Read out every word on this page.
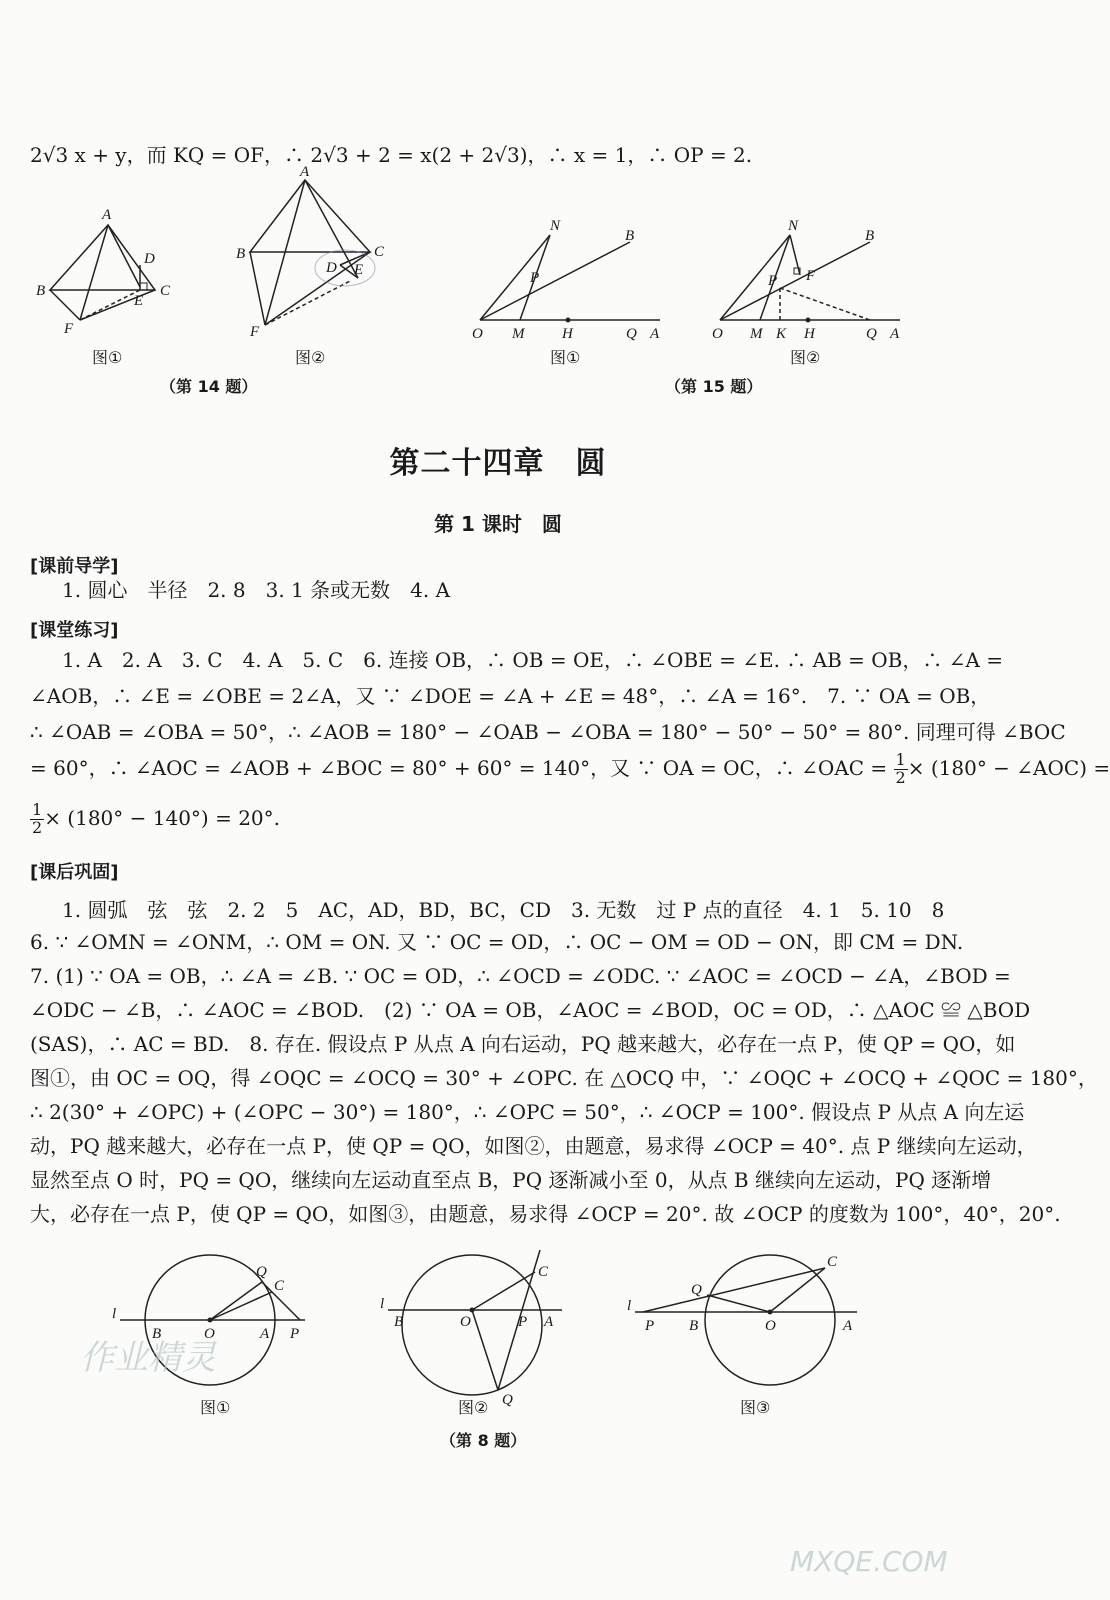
2√3 x + y，而 KQ = OF，∴ 2√3 + 2 = x(2 + 2√3)，∴ x = 1，∴ OP = 2.
A
B	C
D
E
F
图①
A
B	C
D E
F
图②
（第 14 题）
N
B
P
O M	H	Q A
图①
N
B
P F
O M K H	Q A
图②
（第 15 题）
第二十四章　圆
第 1 课时　圆
[课前导学]
1. 圆心　半径　2. 8　3. 1 条或无数　4. A
[课堂练习]
1. A　2. A　3. C　4. A　5. C　6. 连接 OB，∴ OB = OE，∴ ∠OBE = ∠E. ∴ AB = OB，∴ ∠A =
∠AOB，∴ ∠E = ∠OBE = 2∠A，又 ∵ ∠DOE = ∠A + ∠E = 48°，∴ ∠A = 16°.　7. ∵ OA = OB，
∴ ∠OAB = ∠OBA = 50°，∴ ∠AOB = 180° − ∠OAB − ∠OBA = 180° − 50° − 50° = 80°. 同理可得 ∠BOC
= 60°，∴ ∠AOC = ∠AOB + ∠BOC = 80° + 60° = 140°，又 ∵ OA = OC，∴ ∠OAC = $\frac{1}{2} \times (180^\circ$ − ∠AOC) =
$\frac{1}{2} \times (180^\circ - 140^\circ) = 20^\circ$.
[课后巩固]
1. 圆弧　弦　弦　2. 2　5　AC，AD，BD，BC，CD　3. 无数　过 P 点的直径　4. 1　5. 10　8
6. ∵ ∠OMN = ∠ONM，∴ OM = ON. 又 ∵ OC = OD，∴ OC − OM = OD − ON，即 CM = DN.
7. (1) ∵ OA = OB，∴ ∠A = ∠B. ∵ OC = OD，∴ ∠OCD = ∠ODC. ∵ ∠AOC = ∠OCD − ∠A，∠BOD =
∠ODC − ∠B，∴ ∠AOC = ∠BOD.　(2) ∵ OA = OB，∠AOC = ∠BOD，OC = OD，∴ △AOC ≌ △BOD
(SAS)，∴ AC = BD.　8. 存在. 假设点 P 从点 A 向右运动，PQ 越来越大，必存在一点 P，使 QP = QO，如
图①，由 OC = OQ，得 ∠OQC = ∠OCQ = 30° + ∠OPC. 在 △OCQ 中，∵ ∠OQC + ∠OCQ + ∠QOC = 180°，
∴ 2(30° + ∠OPC) + (∠OPC − 30°) = 180°，∴ ∠OPC = 50°，∴ ∠OCP = 100°. 假设点 P 从点 A 向左运
动，PQ 越来越大，必存在一点 P，使 QP = QO，如图②，由题意，易求得 ∠OCP = 40°. 点 P 继续向左运动，
显然至点 O 时，PQ = QO，继续向左运动直至点 B，PQ 逐渐减小至 0，从点 B 继续向左运动，PQ 逐渐增
大，必存在一点 P，使 QP = QO，如图③，由题意，易求得 ∠OCP = 20°. 故 ∠OCP 的度数为 100°，40°，20°.
Q
C
l
B	O	A P
图①
C
l
B	O	P A
Q
图②
C
Q
l
P B	O	A
图③
（第 8 题）
作业精灵
MXQE.COM
